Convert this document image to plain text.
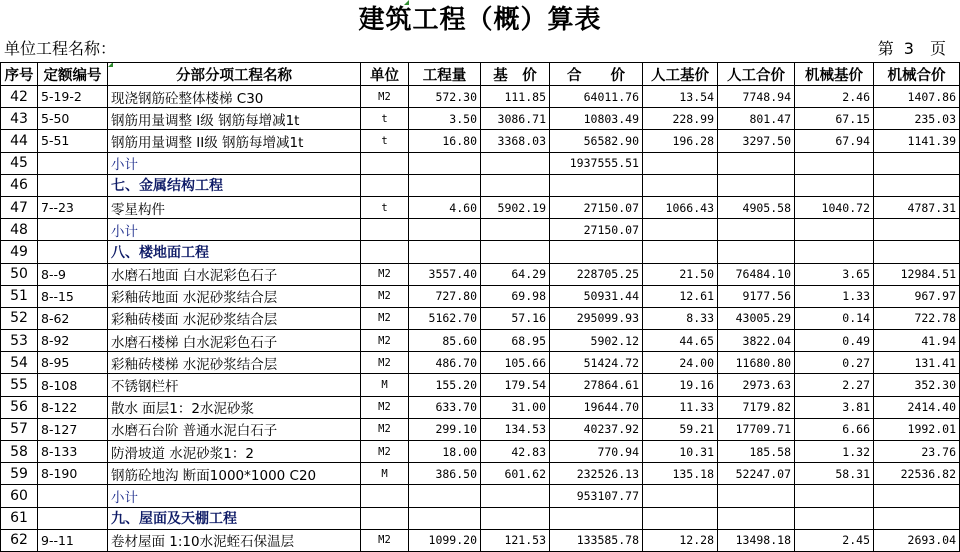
建筑工程（概）算表
单位工程名称：	第 3 页
序号	定额编号	分部分项工程名称	单位	工程量	基　价	合　　价	人工基价	人工合价	机械基价	机械合价
42	5-19-2	现浇钢筋砼整体楼梯 C30	M2	572.30	111.85	64011.76	13.54	7748.94	2.46	1407.86
43	5-50	钢筋用量调整 I级 钢筋每增减1t	t	3.50	3086.71	10803.49	228.99	801.47	67.15	235.03
44	5-51	钢筋用量调整 II级 钢筋每增减1t	t	16.80	3368.03	56582.90	196.28	3297.50	67.94	1141.39
45		小计				1937555.51				
46		七、金属结构工程								
47	7--23	零星构件	t	4.60	5902.19	27150.07	1066.43	4905.58	1040.72	4787.31
48		小计				27150.07				
49		八、楼地面工程								
50	8--9	水磨石地面 白水泥彩色石子	M2	3557.40	64.29	228705.25	21.50	76484.10	3.65	12984.51
51	8--15	彩釉砖地面 水泥砂浆结合层	M2	727.80	69.98	50931.44	12.61	9177.56	1.33	967.97
52	8-62	彩釉砖楼面 水泥砂浆结合层	M2	5162.70	57.16	295099.93	8.33	43005.29	0.14	722.78
53	8-92	水磨石楼梯 白水泥彩色石子	M2	85.60	68.95	5902.12	44.65	3822.04	0.49	41.94
54	8-95	彩釉砖楼梯 水泥砂浆结合层	M2	486.70	105.66	51424.72	24.00	11680.80	0.27	131.41
55	8-108	不锈钢栏杆	M	155.20	179.54	27864.61	19.16	2973.63	2.27	352.30
56	8-122	散水 面层1：2水泥砂浆	M2	633.70	31.00	19644.70	11.33	7179.82	3.81	2414.40
57	8-127	水磨石台阶 普通水泥白石子	M2	299.10	134.53	40237.92	59.21	17709.71	6.66	1992.01
58	8-133	防滑坡道 水泥砂浆1：2	M2	18.00	42.83	770.94	10.31	185.58	1.32	23.76
59	8-190	钢筋砼地沟 断面1000*1000 C20	M	386.50	601.62	232526.13	135.18	52247.07	58.31	22536.82
60		小计				953107.77				
61		九、屋面及天棚工程								
62	9--11	卷材屋面 1:10水泥蛭石保温层	M2	1099.20	121.53	133585.78	12.28	13498.18	2.45	2693.04
